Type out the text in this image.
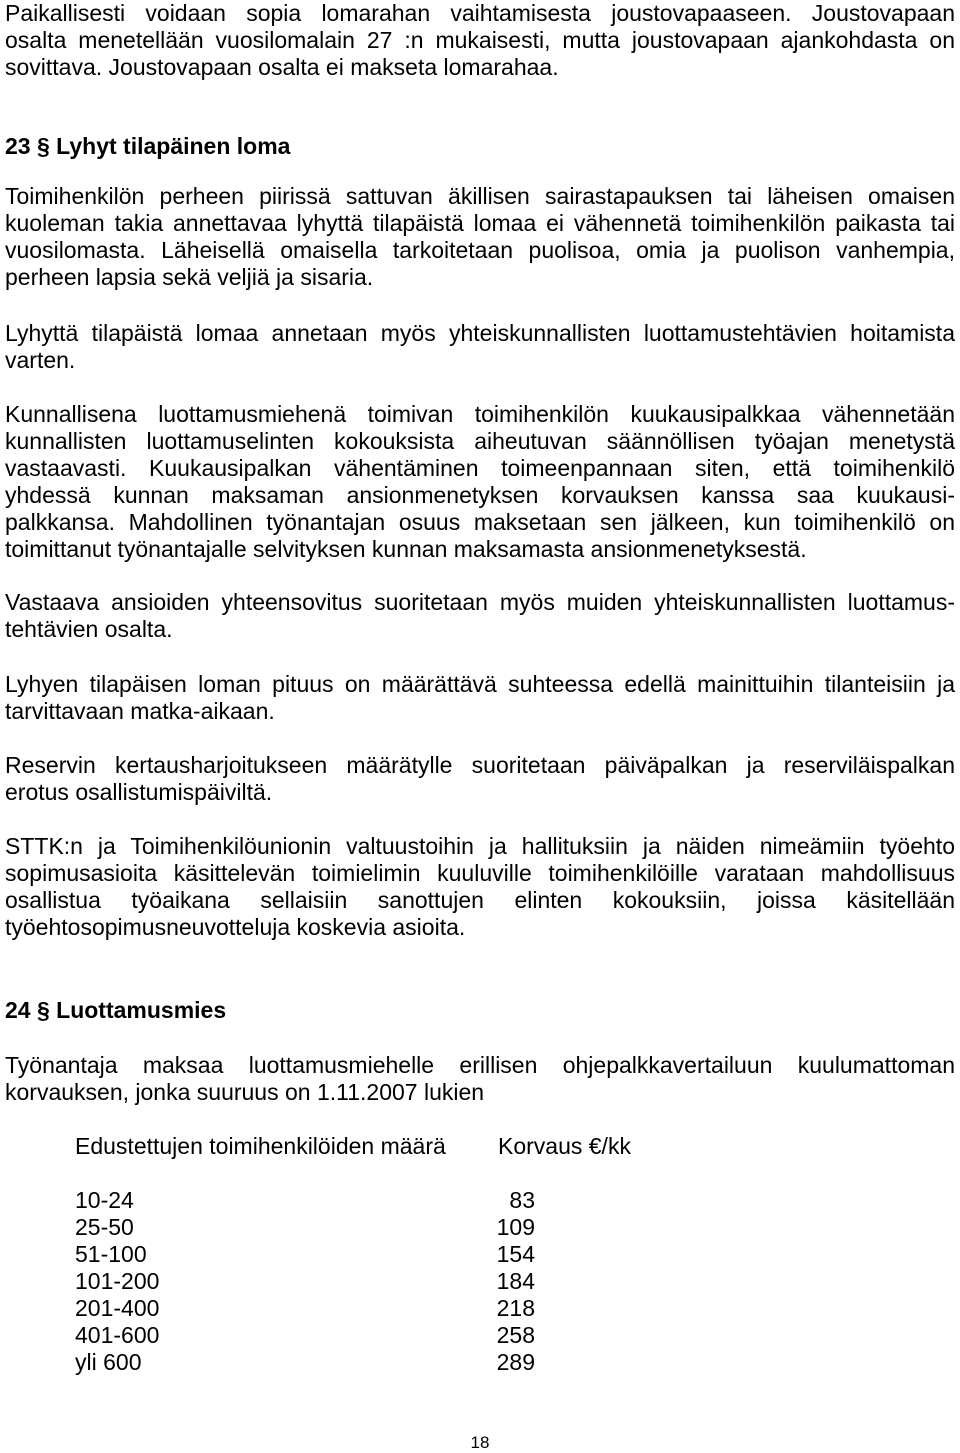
Paikallisesti voidaan sopia lomarahan vaihtamisesta joustovapaaseen. Joustovapaan
osalta menetellään vuosilomalain 27 :n mukaisesti, mutta joustovapaan ajankohdasta on
sovittava. Joustovapaan osalta ei makseta lomarahaa.
23 § Lyhyt tilapäinen loma
Toimihenkilön perheen piirissä sattuvan äkillisen sairastapauksen tai läheisen omaisen
kuoleman takia annettavaa lyhyttä tilapäistä lomaa ei vähennetä toimihenkilön paikasta tai
vuosilomasta. Läheisellä omaisella tarkoitetaan puolisoa, omia ja puolison vanhempia,
perheen lapsia sekä veljiä ja sisaria.
Lyhyttä tilapäistä lomaa annetaan myös yhteiskunnallisten luottamustehtävien hoitamista
varten.
Kunnallisena luottamusmiehenä toimivan toimihenkilön kuukausipalkkaa vähennetään
kunnallisten luottamuselinten kokouksista aiheutuvan säännöllisen työajan menetystä
vastaavasti. Kuukausipalkan vähentäminen toimeenpannaan siten, että toimihenkilö
yhdessä kunnan maksaman ansionmenetyksen korvauksen kanssa saa kuukausi-
palkkansa. Mahdollinen työnantajan osuus maksetaan sen jälkeen, kun toimihenkilö on
toimittanut työnantajalle selvityksen kunnan maksamasta ansionmenetyksestä.
Vastaava ansioiden yhteensovitus suoritetaan myös muiden yhteiskunnallisten luottamus-
tehtävien osalta.
Lyhyen tilapäisen loman pituus on määrättävä suhteessa edellä mainittuihin tilanteisiin ja
tarvittavaan matka-aikaan.
Reservin kertausharjoitukseen määrätylle suoritetaan päiväpalkan ja reserviläispalkan
erotus osallistumispäiviltä.
STTK:n ja Toimihenkilöunionin valtuustoihin ja hallituksiin ja näiden nimeämiin työehto
sopimusasioita käsittelevän toimielimin kuuluville toimihenkilöille varataan mahdollisuus
osallistua työaikana sellaisiin sanottujen elinten kokouksiin, joissa käsitellään
työehtosopimusneuvotteluja koskevia asioita.
24 § Luottamusmies
Työnantaja maksaa luottamusmiehelle erillisen ohjepalkkavertailuun kuulumattoman
korvauksen, jonka suuruus on 1.11.2007 lukien
Edustettujen toimihenkilöiden määrä Korvaus €/kk
10-24	83
25-50	109
51-100	154
101-200	184
201-400	218
401-600	258
yli 600	289
18
